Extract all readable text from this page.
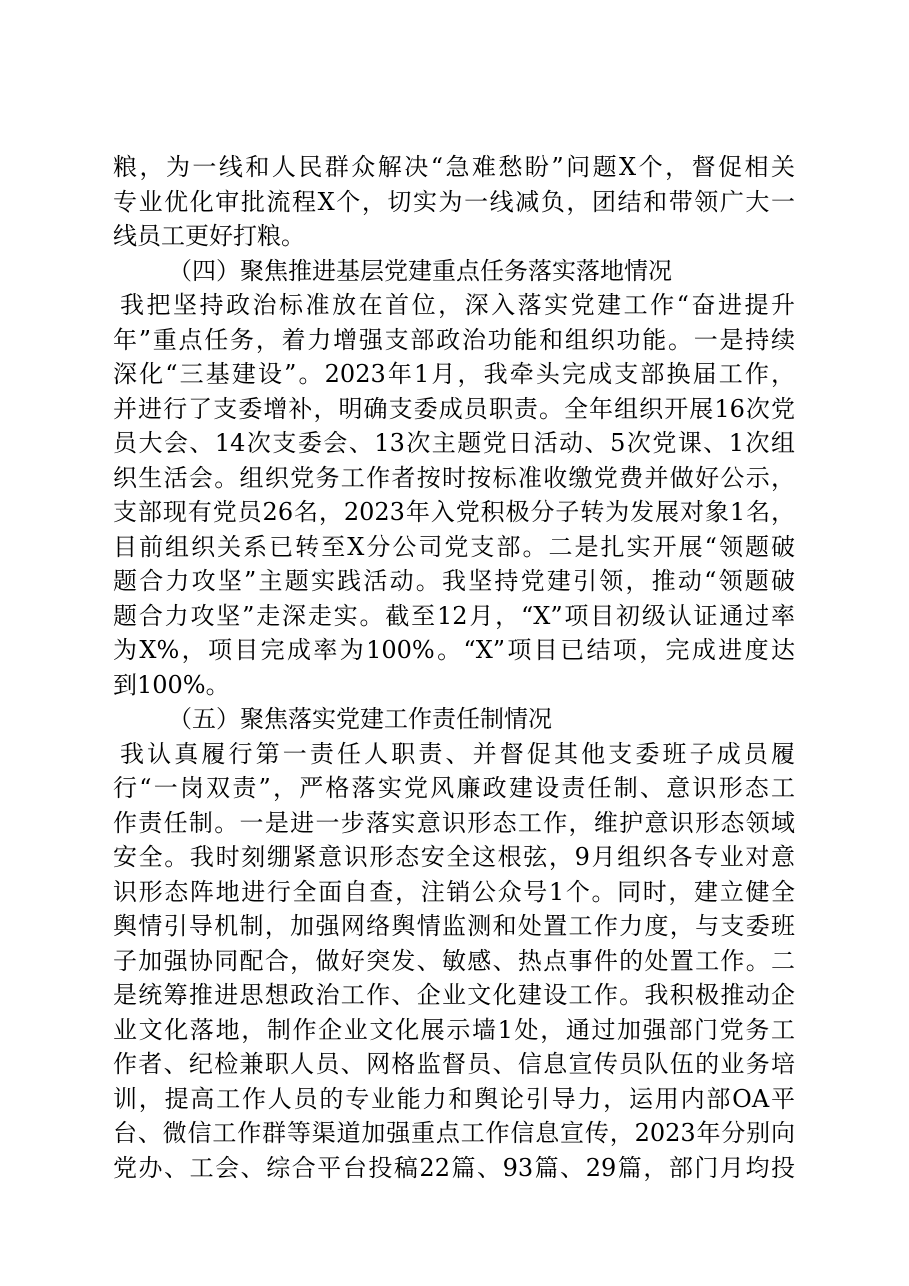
粮，为一线和人民群众解决“急难愁盼”问题X个，督促相关
专业优化审批流程X个，切实为一线减负，团结和带领广大一
线员工更好打粮。
（四）聚焦推进基层党建重点任务落实落地情况
我把坚持政治标准放在首位，深入落实党建工作“奋进提升
年”重点任务，着力增强支部政治功能和组织功能。一是持续
深化“三基建设”。2023年1月，我牵头完成支部换届工作，
并进行了支委增补，明确支委成员职责。全年组织开展16次党
员大会、14次支委会、13次主题党日活动、5次党课、1次组
织生活会。组织党务工作者按时按标准收缴党费并做好公示，
支部现有党员26名，2023年入党积极分子转为发展对象1名，
目前组织关系已转至X分公司党支部。二是扎实开展“领题破
题合力攻坚”主题实践活动。我坚持党建引领，推动“领题破
题合力攻坚”走深走实。截至12月，“X”项目初级认证通过率
为X%，项目完成率为100%。“X”项目已结项，完成进度达
到100%。
（五）聚焦落实党建工作责任制情况
我认真履行第一责任人职责、并督促其他支委班子成员履
行“一岗双责”，严格落实党风廉政建设责任制、意识形态工
作责任制。一是进一步落实意识形态工作，维护意识形态领域
安全。我时刻绷紧意识形态安全这根弦，9月组织各专业对意
识形态阵地进行全面自查，注销公众号1个。同时，建立健全
舆情引导机制，加强网络舆情监测和处置工作力度，与支委班
子加强协同配合，做好突发、敏感、热点事件的处置工作。二
是统筹推进思想政治工作、企业文化建设工作。我积极推动企
业文化落地，制作企业文化展示墙1处，通过加强部门党务工
作者、纪检兼职人员、网格监督员、信息宣传员队伍的业务培
训，提高工作人员的专业能力和舆论引导力，运用内部OA平
台、微信工作群等渠道加强重点工作信息宣传，2023年分别向
党办、工会、综合平台投稿22篇、93篇、29篇，部门月均投
